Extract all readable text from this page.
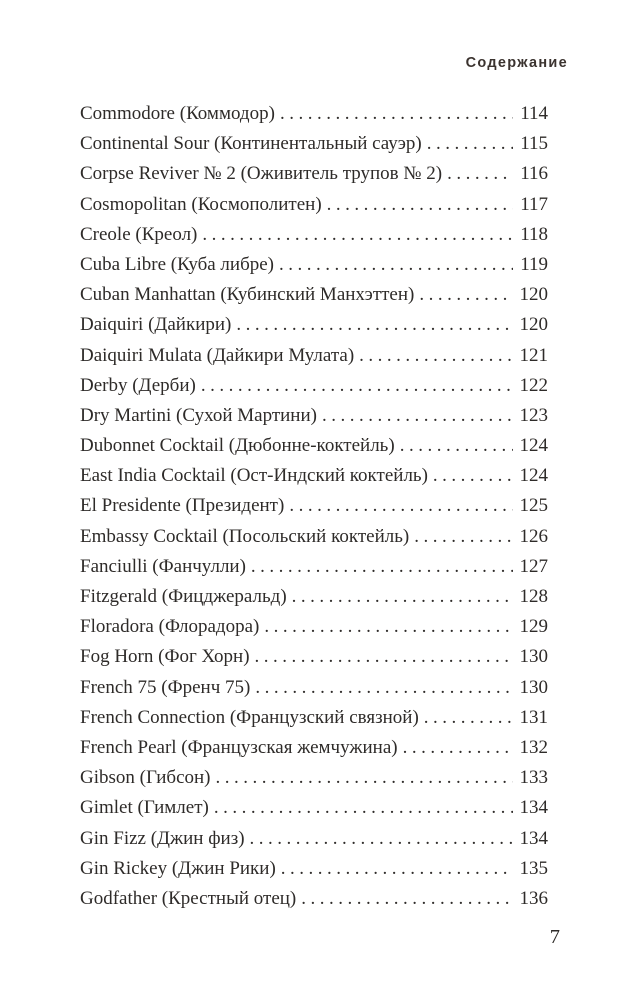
Содержание
Commodore (Коммодор) .....	114
Continental Sour (Континентальный сауэр) .....	115
Corpse Reviver № 2 (Оживитель трупов № 2) .....	116
Cosmopolitan (Космополитен) .....	117
Creole (Креол) .....	118
Cuba Libre (Куба либре) .....	119
Cuban Manhattan (Кубинский Манхэттен) .....	120
Daiquiri (Дайкири) .....	120
Daiquiri Mulata (Дайкири Мулата) .....	121
Derby (Дерби) .....	122
Dry Martini (Сухой Мартини) .....	123
Dubonnet Cocktail (Дюбонне-коктейль) .....	124
East India Cocktail (Ост-Индский коктейль) .....	124
El Presidente (Президент) .....	125
Embassy Cocktail (Посольский коктейль) .....	126
Fanciulli (Фанчулли) .....	127
Fitzgerald (Фицджеральд) .....	128
Floradora (Флорадора) .....	129
Fog Horn (Фог Хорн) .....	130
French 75 (Френч 75) .....	130
French Connection (Французский связной) .....	131
French Pearl (Французская жемчужина) .....	132
Gibson (Гибсон) .....	133
Gimlet (Гимлет) .....	134
Gin Fizz (Джин физ) .....	134
Gin Rickey (Джин Рики) .....	135
Godfather (Крестный отец) .....	136
7
